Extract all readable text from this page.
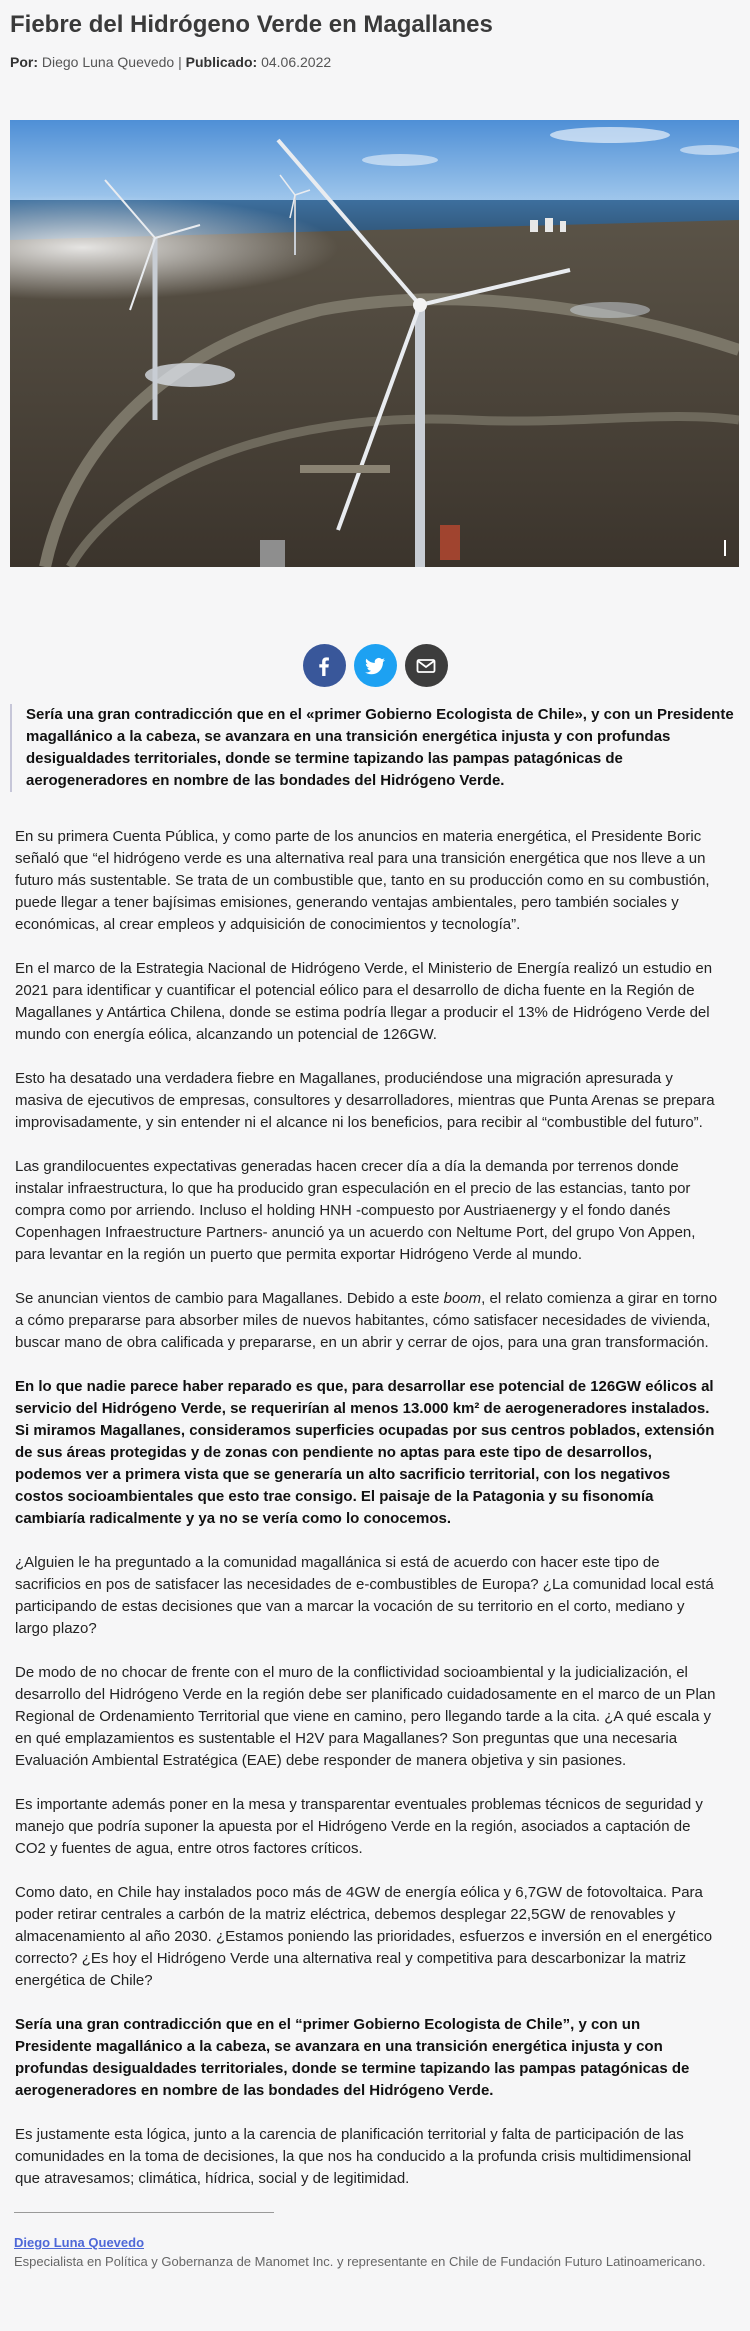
Fiebre del Hidrógeno Verde en Magallanes
Por: Diego Luna Quevedo | Publicado: 04.06.2022
Sería una gran contradicción que en el «primer Gobierno Ecologista de Chile», y con un Presidente magallánico a la cabeza, se avanzara en una transición energética injusta y con profundas desigualdades territoriales, donde se termine tapizando las pampas patagónicas de aerogeneradores en nombre de las bondades del Hidrógeno Verde.

En su primera Cuenta Pública, y como parte de los anuncios en materia energética, el Presidente Boric señaló que “el hidrógeno verde es una alternativa real para una transición energética que nos lleve a un futuro más sustentable. Se trata de un combustible que, tanto en su producción como en su combustión, puede llegar a tener bajísimas emisiones, generando ventajas ambientales, pero también sociales y económicas, al crear empleos y adquisición de conocimientos y tecnología”.

En el marco de la Estrategia Nacional de Hidrógeno Verde, el Ministerio de Energía realizó un estudio en 2021 para identificar y cuantificar el potencial eólico para el desarrollo de dicha fuente en la Región de Magallanes y Antártica Chilena, donde se estima podría llegar a producir el 13% de Hidrógeno Verde del mundo con energía eólica, alcanzando un potencial de 126GW.

Esto ha desatado una verdadera fiebre en Magallanes, produciéndose una migración apresurada y masiva de ejecutivos de empresas, consultores y desarrolladores, mientras que Punta Arenas se prepara improvisadamente, y sin entender ni el alcance ni los beneficios, para recibir al “combustible del futuro”.

Las grandilocuentes expectativas generadas hacen crecer día a día la demanda por terrenos donde instalar infraestructura, lo que ha producido gran especulación en el precio de las estancias, tanto por compra como por arriendo. Incluso el holding HNH -compuesto por Austriaenergy y el fondo danés Copenhagen Infraestructure Partners- anunció ya un acuerdo con Neltume Port, del grupo Von Appen, para levantar en la región un puerto que permita exportar Hidrógeno Verde al mundo.

Se anuncian vientos de cambio para Magallanes. Debido a este boom, el relato comienza a girar en torno a cómo prepararse para absorber miles de nuevos habitantes, cómo satisfacer necesidades de vivienda, buscar mano de obra calificada y prepararse, en un abrir y cerrar de ojos, para una gran transformación.

En lo que nadie parece haber reparado es que, para desarrollar ese potencial de 126GW eólicos al servicio del Hidrógeno Verde, se requerirían al menos 13.000 km² de aerogeneradores instalados. Si miramos Magallanes, consideramos superficies ocupadas por sus centros poblados, extensión de sus áreas protegidas y de zonas con pendiente no aptas para este tipo de desarrollos, podemos ver a primera vista que se generaría un alto sacrificio territorial, con los negativos costos socioambientales que esto trae consigo. El paisaje de la Patagonia y su fisonomía cambiaría radicalmente y ya no se vería como lo conocemos.

¿Alguien le ha preguntado a la comunidad magallánica si está de acuerdo con hacer este tipo de sacrificios en pos de satisfacer las necesidades de e-combustibles de Europa? ¿La comunidad local está participando de estas decisiones que van a marcar la vocación de su territorio en el corto, mediano y largo plazo?

De modo de no chocar de frente con el muro de la conflictividad socioambiental y la judicialización, el desarrollo del Hidrógeno Verde en la región debe ser planificado cuidadosamente en el marco de un Plan Regional de Ordenamiento Territorial que viene en camino, pero llegando tarde a la cita. ¿A qué escala y en qué emplazamientos es sustentable el H2V para Magallanes? Son preguntas que una necesaria Evaluación Ambiental Estratégica (EAE) debe responder de manera objetiva y sin pasiones.

Es importante además poner en la mesa y transparentar eventuales problemas técnicos de seguridad y manejo que podría suponer la apuesta por el Hidrógeno Verde en la región, asociados a captación de CO2 y fuentes de agua, entre otros factores críticos.

Como dato, en Chile hay instalados poco más de 4GW de energía eólica y 6,7GW de fotovoltaica. Para poder retirar centrales a carbón de la matriz eléctrica, debemos desplegar 22,5GW de renovables y almacenamiento al año 2030. ¿Estamos poniendo las prioridades, esfuerzos e inversión en el energético correcto? ¿Es hoy el Hidrógeno Verde una alternativa real y competitiva para descarbonizar la matriz energética de Chile?

Sería una gran contradicción que en el “primer Gobierno Ecologista de Chile”, y con un Presidente magallánico a la cabeza, se avanzara en una transición energética injusta y con profundas desigualdades territoriales, donde se termine tapizando las pampas patagónicas de aerogeneradores en nombre de las bondades del Hidrógeno Verde.

Es justamente esta lógica, junto a la carencia de planificación territorial y falta de participación de las comunidades en la toma de decisiones, la que nos ha conducido a la profunda crisis multidimensional que atravesamos; climática, hídrica, social y de legitimidad.

Diego Luna Quevedo
Especialista en Política y Gobernanza de Manomet Inc. y representante en Chile de Fundación Futuro Latinoamericano.
